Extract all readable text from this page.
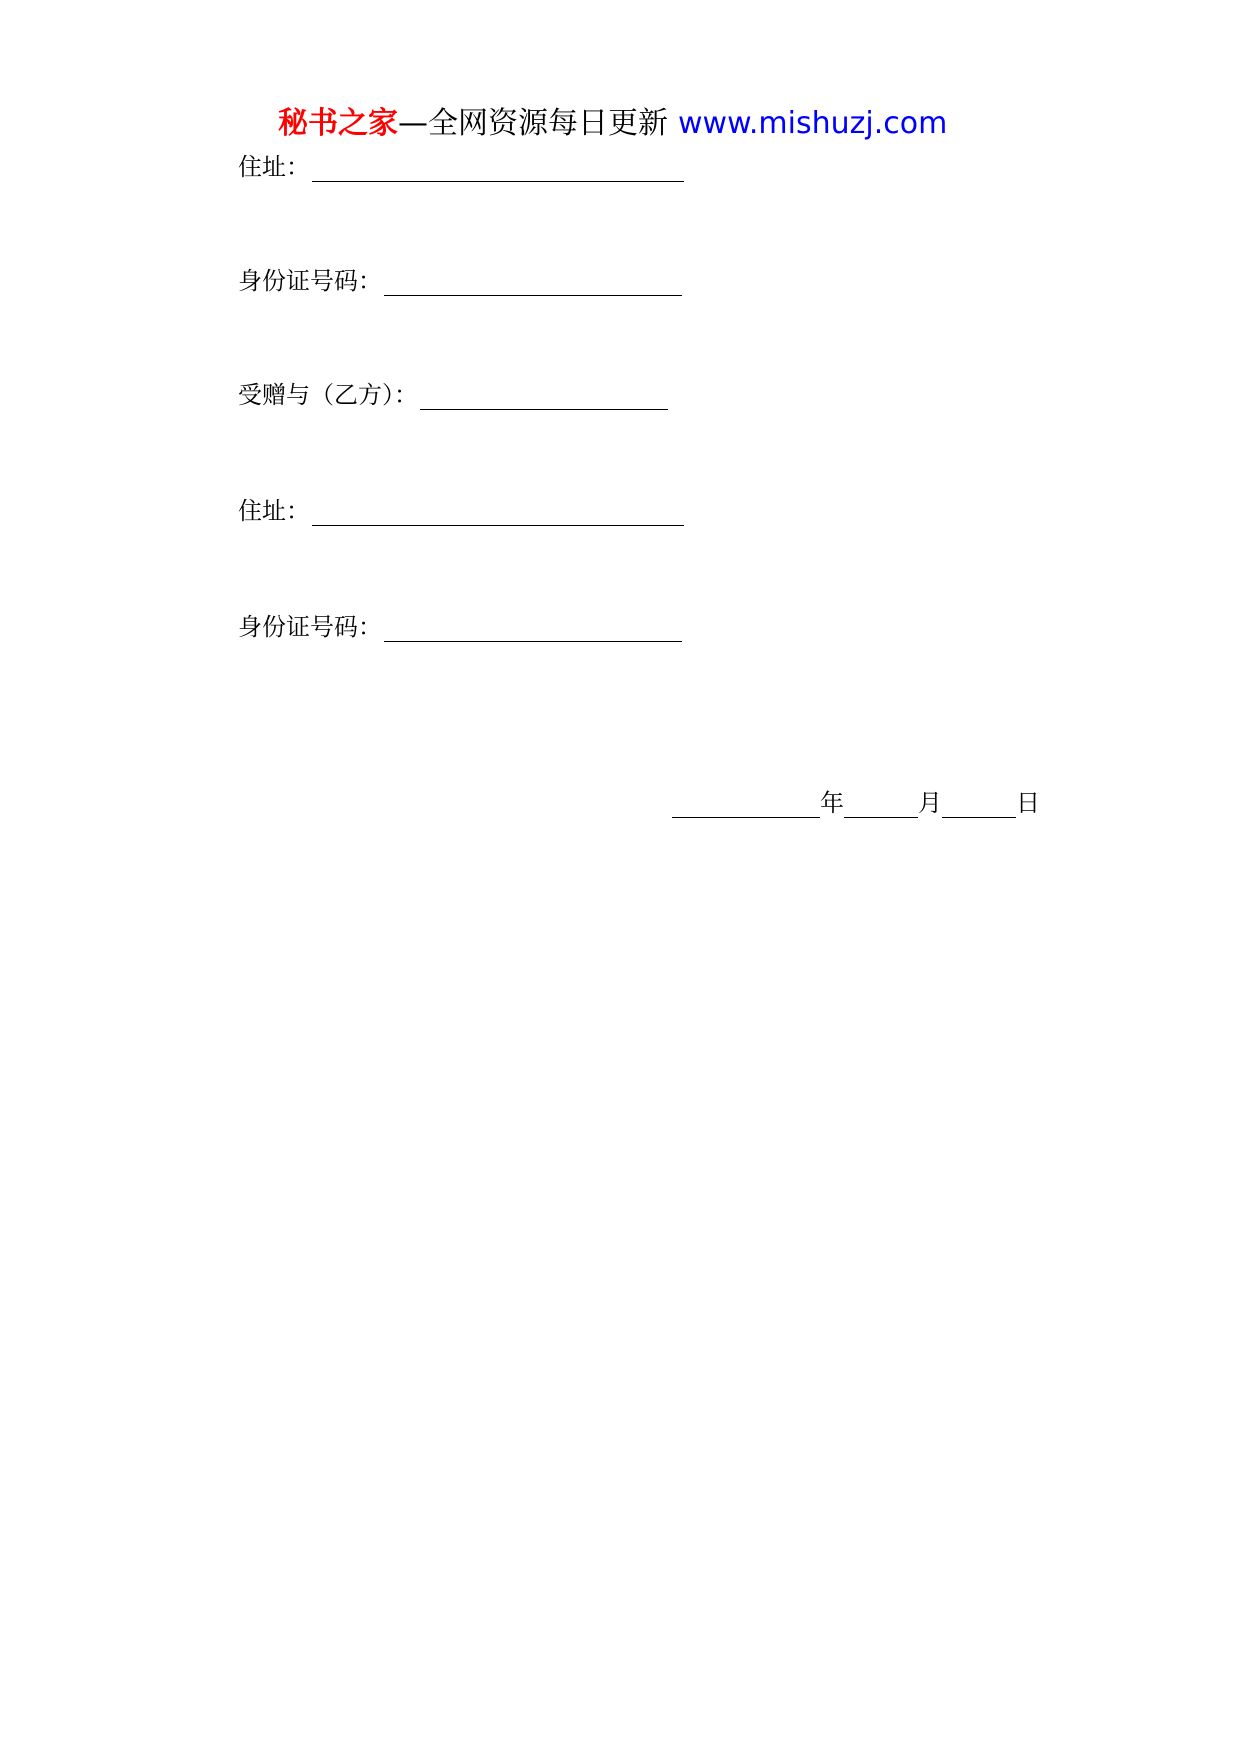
秘书之家—全网资源每日更新 www.mishuzj.com
住址：
身份证号码：
受赠与（乙方）：
住址：
身份证号码：
年	月	日
